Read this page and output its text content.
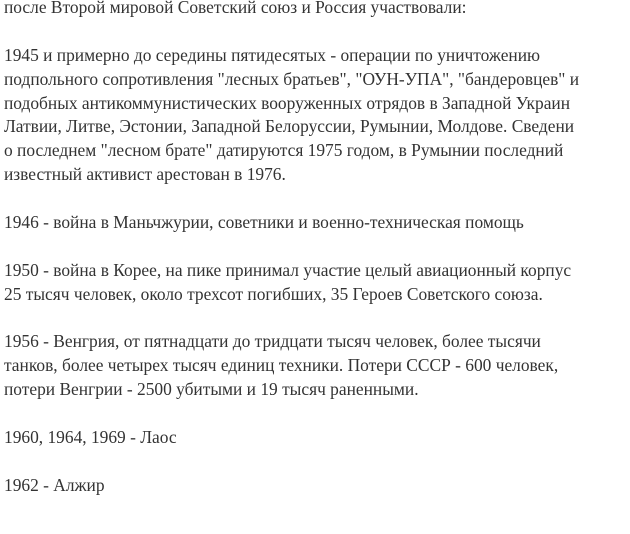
после Второй мировой Советский союз и Россия участвовали:
1945 и примерно до середины пятидесятых - операции по уничтожению
подпольного сопротивления "лесных братьев", "ОУН-УПА", "бандеровцев" и
подобных антикоммунистических вооруженных отрядов в Западной Украин
Латвии, Литве, Эстонии, Западной Белоруссии, Румынии, Молдове. Сведени
о последнем "лесном брате" датируются 1975 годом, в Румынии последний
известный активист арестован в 1976.
1946 - война в Маньчжурии, советники и военно-техническая помощь
1950 - война в Корее, на пике принимал участие целый авиационный корпус
25 тысяч человек, около трехсот погибших, 35 Героев Советского союза.
1956 - Венгрия, от пятнадцати до тридцати тысяч человек, более тысячи
танков, более четырех тысяч единиц техники. Потери СССР - 600 человек,
потери Венгрии - 2500 убитыми и 19 тысяч раненными.
1960, 1964, 1969 - Лаос
1962 - Алжир
